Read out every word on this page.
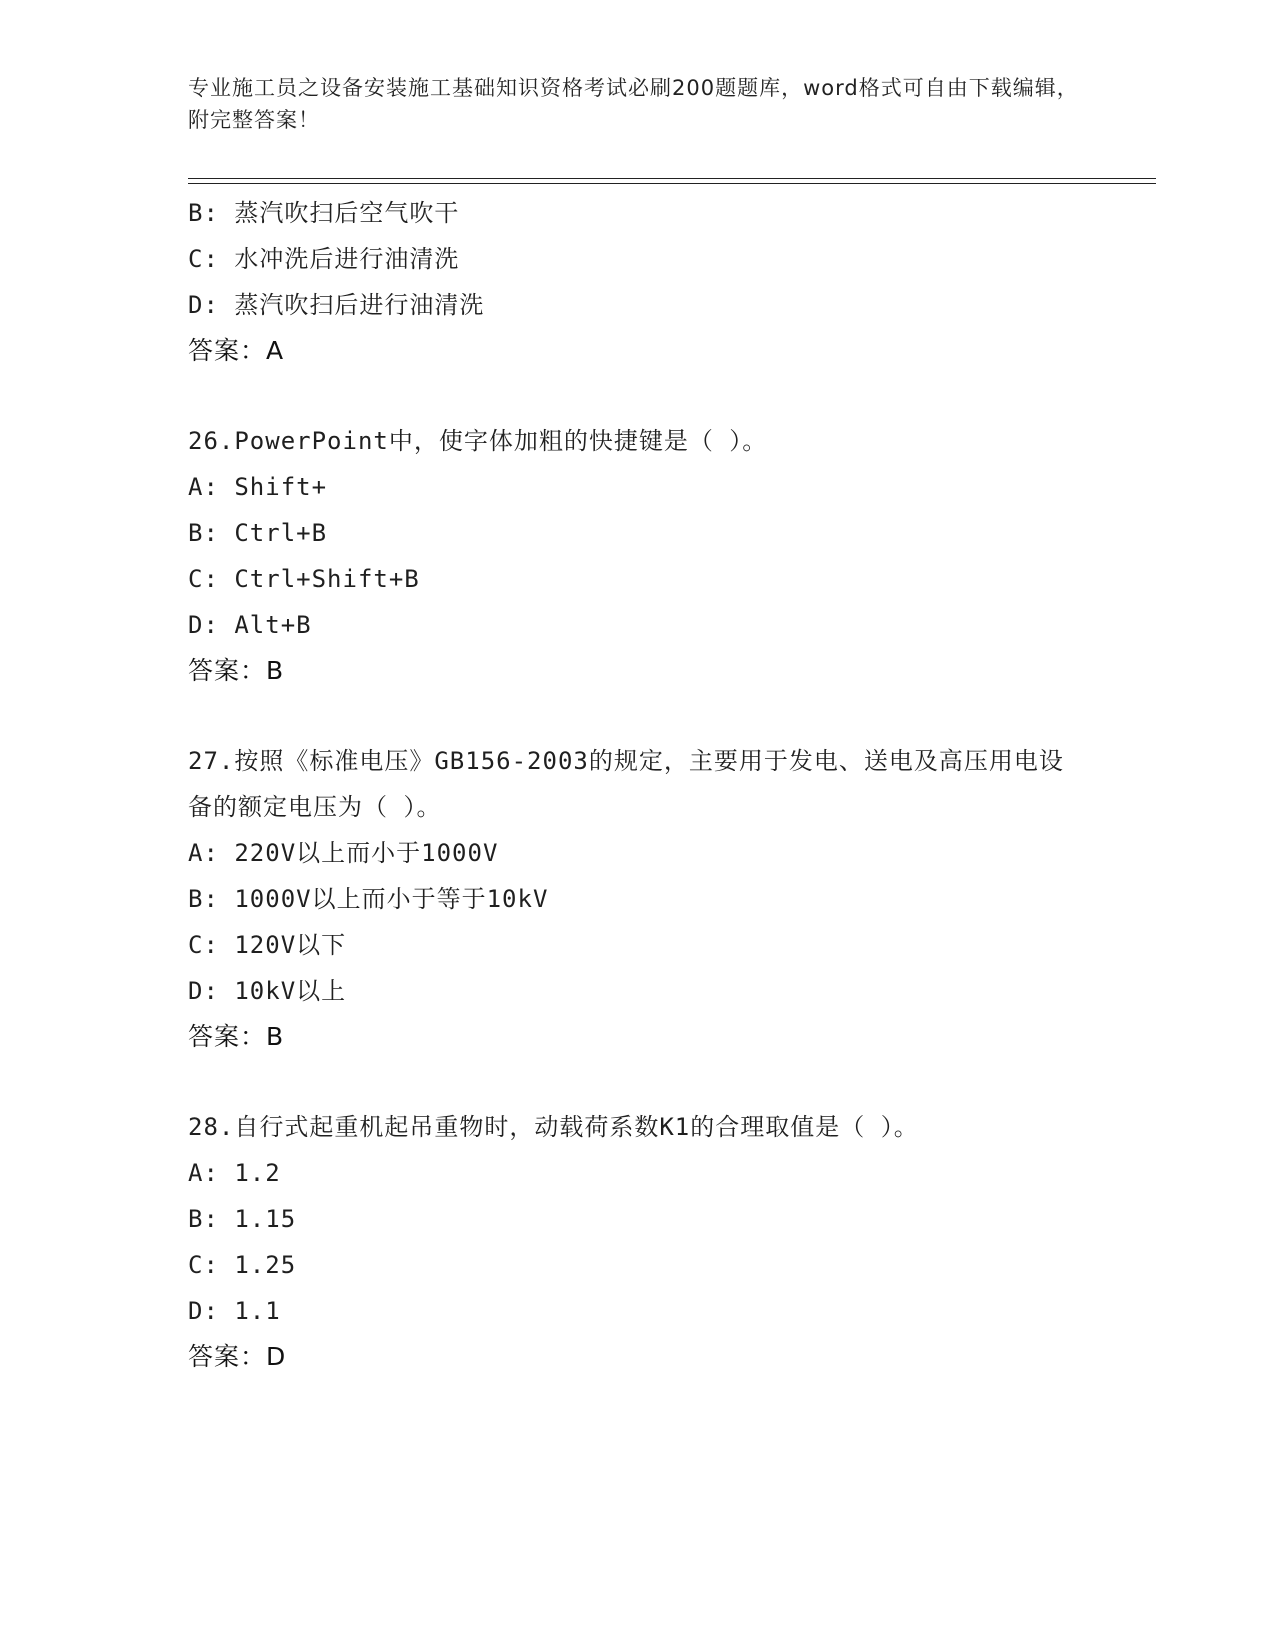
专业施工员之设备安装施工基础知识资格考试必刷200题题库，word格式可自由下载编辑，附完整答案！
B: 蒸汽吹扫后空气吹干
C: 水冲洗后进行油清洗
D: 蒸汽吹扫后进行油清洗
答案：A
26.PowerPoint中，使字体加粗的快捷键是（ ）。
A: Shift+
B: Ctrl+B
C: Ctrl+Shift+B
D: Alt+B
答案：B
27.按照《标准电压》GB156-2003的规定，主要用于发电、送电及高压用电设备的额定电压为（ ）。
A: 220V以上而小于1000V
B: 1000V以上而小于等于10kV
C: 120V以下
D: 10kV以上
答案：B
28.自行式起重机起吊重物时，动载荷系数K1的合理取值是（ ）。
A: 1.2
B: 1.15
C: 1.25
D: 1.1
答案：D
